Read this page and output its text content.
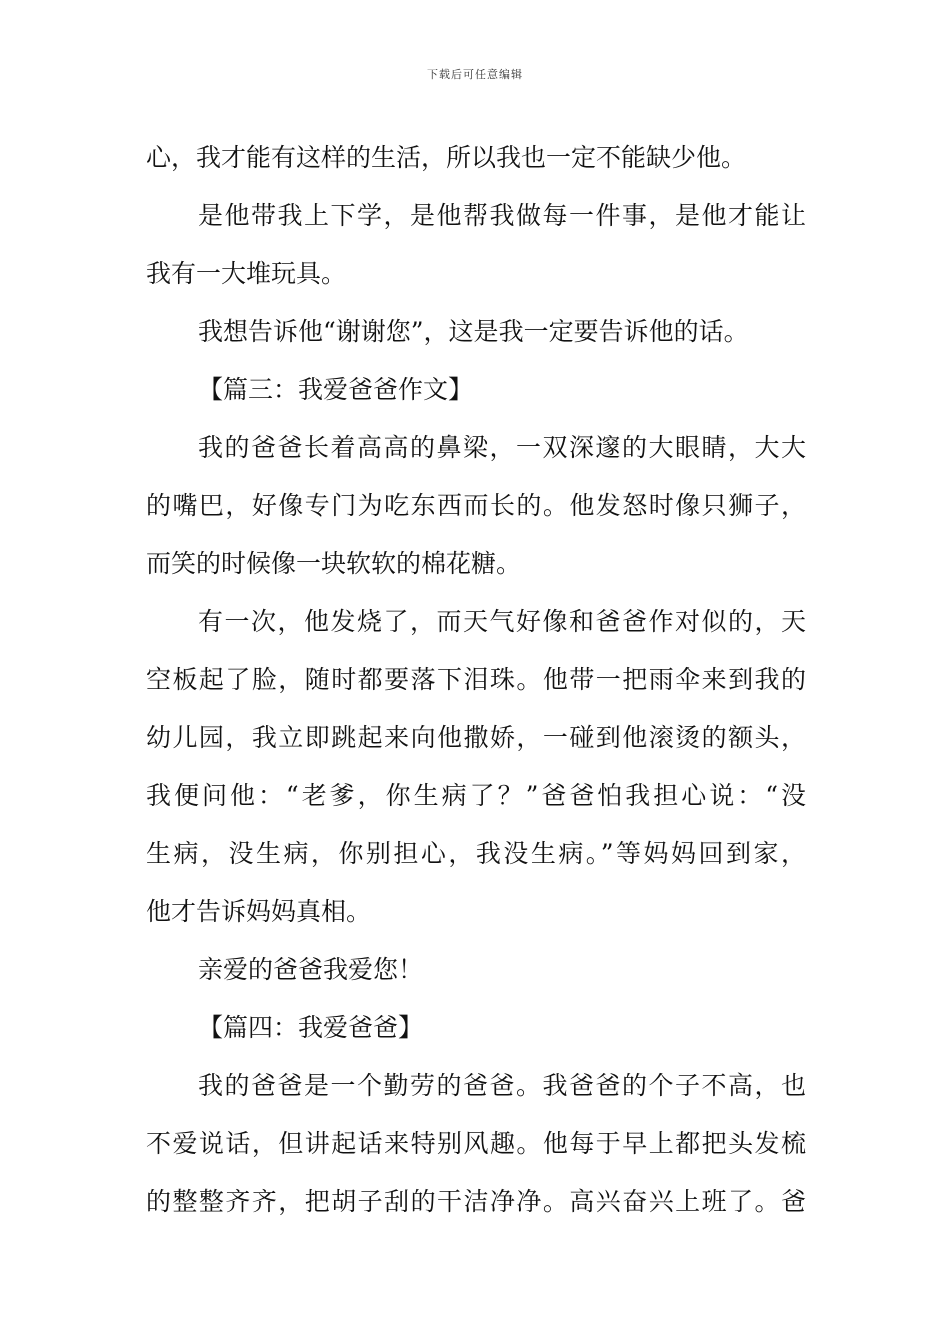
下载后可任意编辑
心，我才能有这样的生活，所以我也一定不能缺少他。
是他带我上下学，是他帮我做每一件事，是他才能让
我有一大堆玩具。
我想告诉他“谢谢您”，这是我一定要告诉他的话。
【篇三：我爱爸爸作文】
我的爸爸长着高高的鼻梁，一双深邃的大眼睛，大大
的嘴巴，好像专门为吃东西而长的。他发怒时像只狮子，
而笑的时候像一块软软的棉花糖。
有一次，他发烧了，而天气好像和爸爸作对似的，天
空板起了脸，随时都要落下泪珠。他带一把雨伞来到我的
幼儿园，我立即跳起来向他撒娇，一碰到他滚烫的额头，
我便问他：“老爹，你生病了？”爸爸怕我担心说：“没
生病，没生病，你别担心，我没生病。”等妈妈回到家，
他才告诉妈妈真相。
亲爱的爸爸我爱您！
【篇四：我爱爸爸】
我的爸爸是一个勤劳的爸爸。我爸爸的个子不高，也
不爱说话，但讲起话来特别风趣。他每于早上都把头发梳
的整整齐齐，把胡子刮的干洁净净。高兴奋兴上班了。爸
